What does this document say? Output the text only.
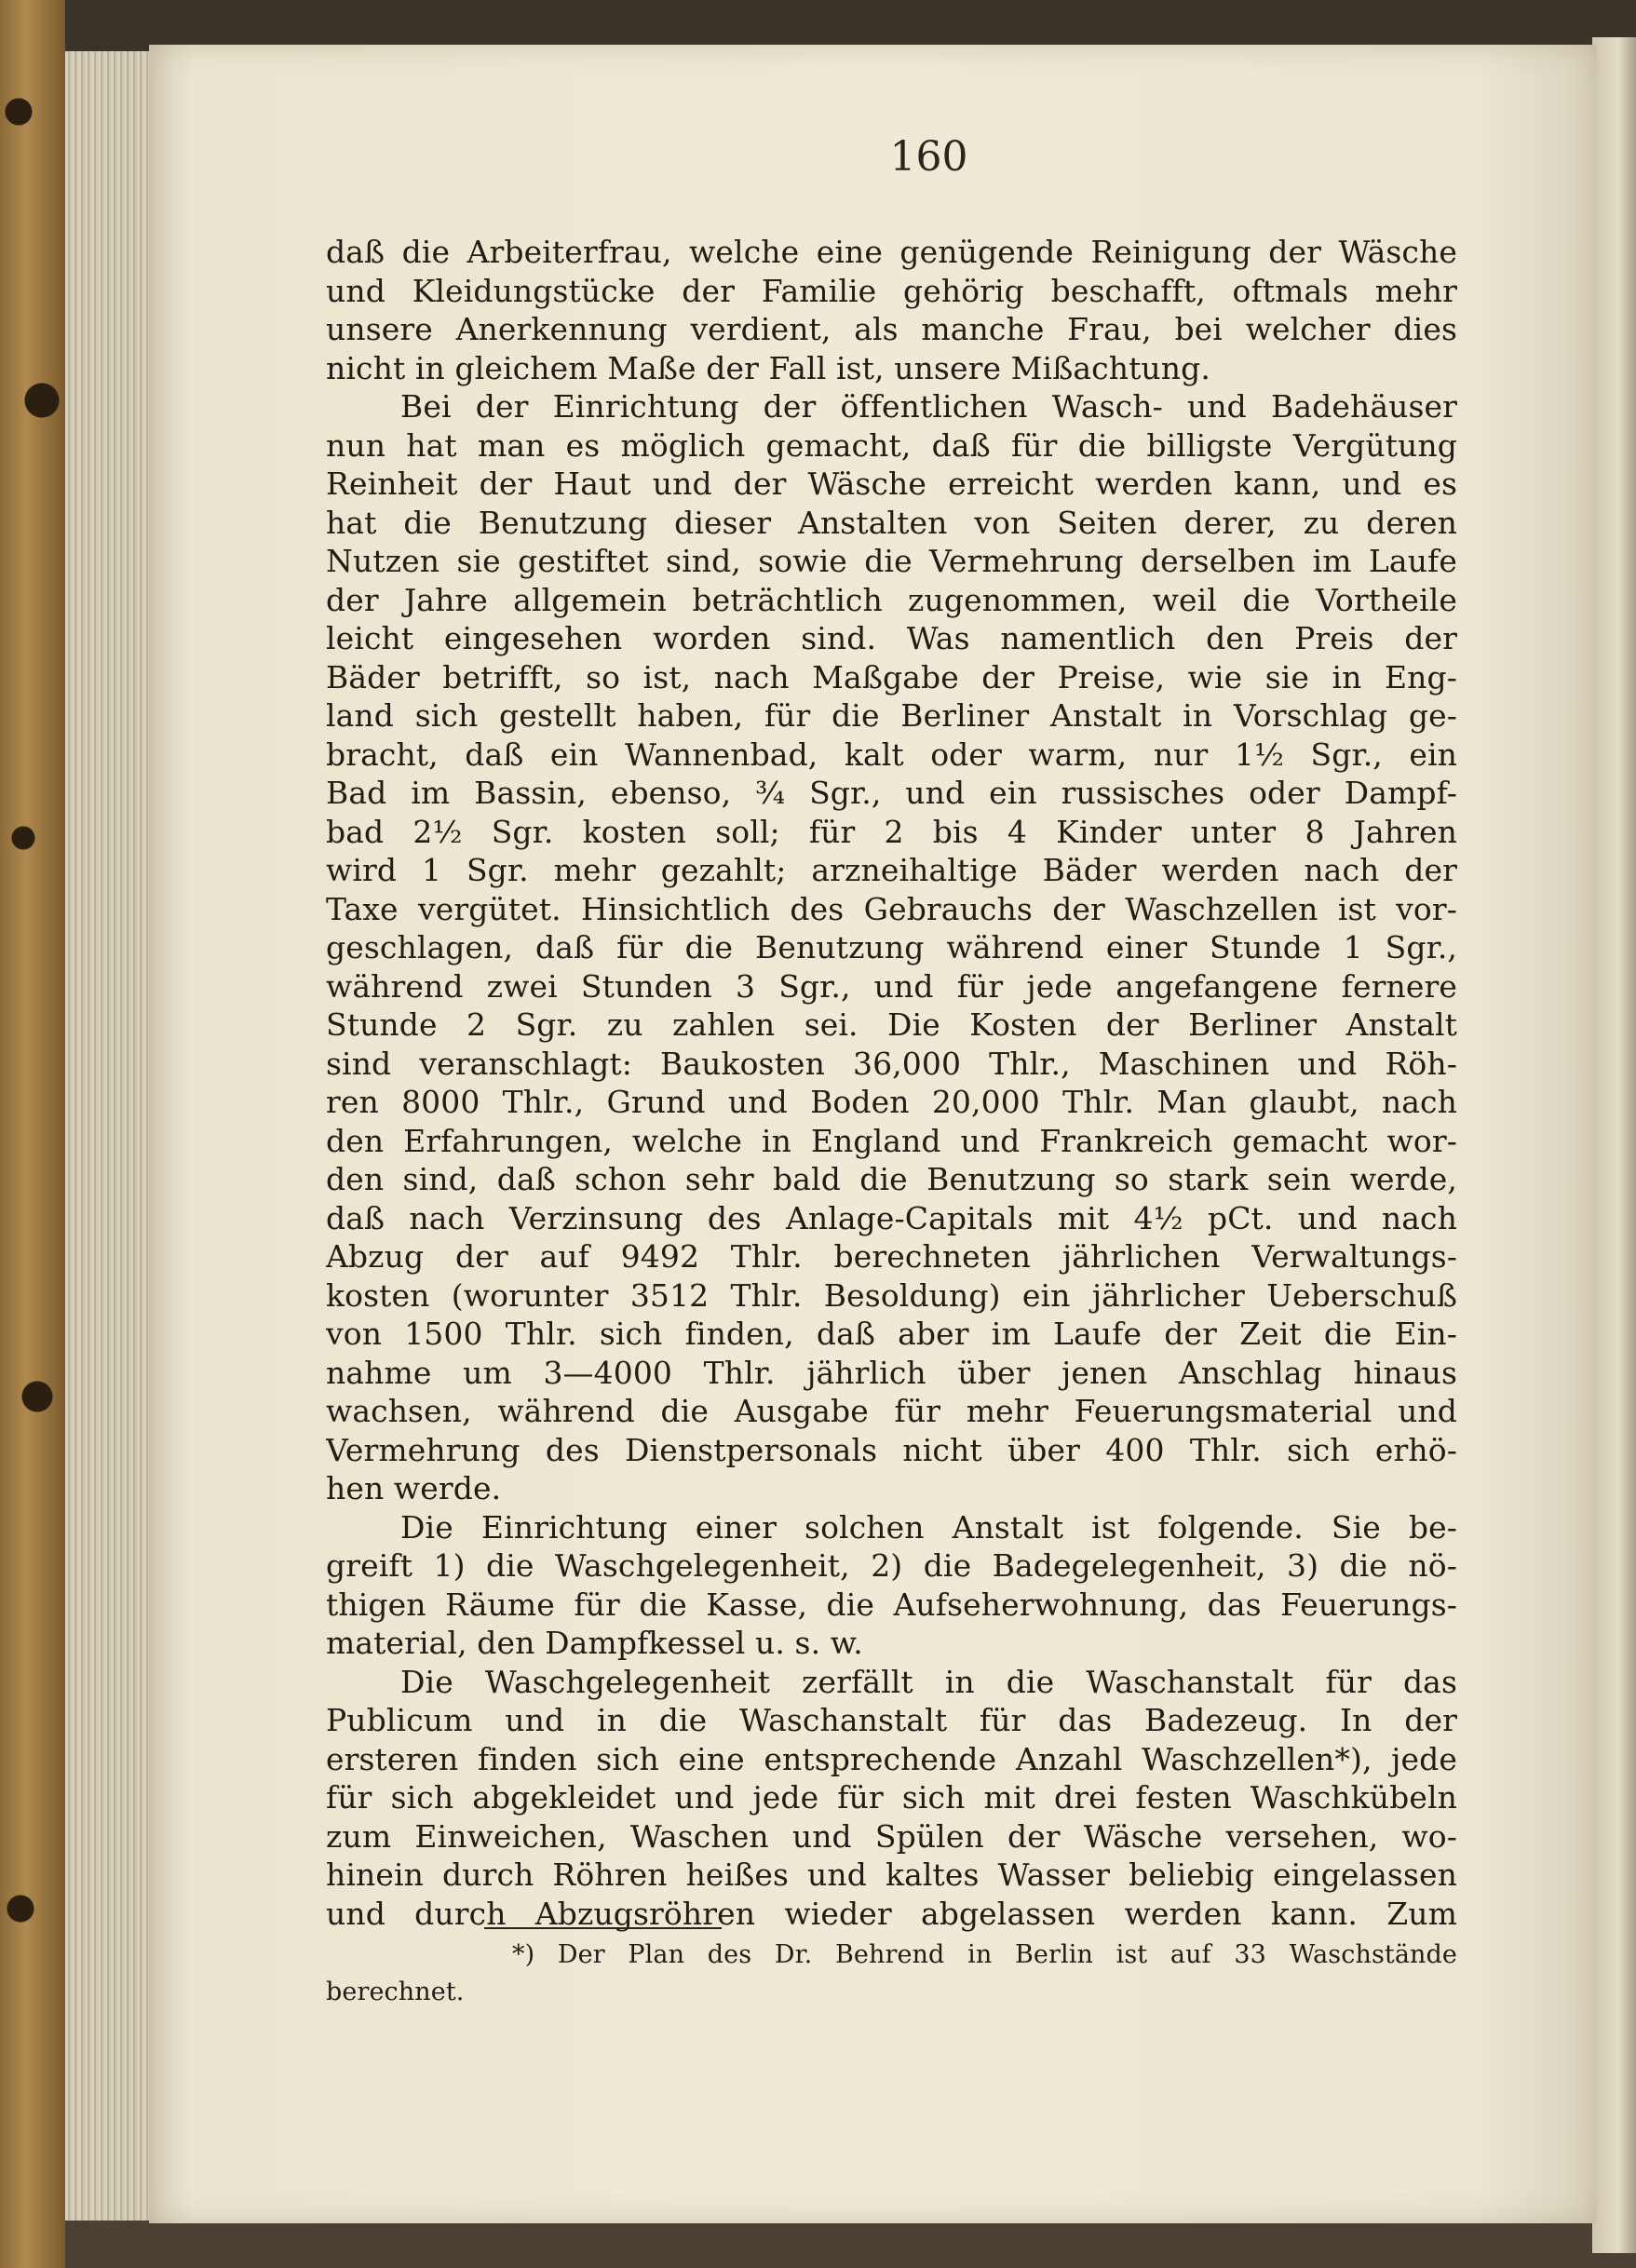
160
daß die Arbeiterfrau, welche eine genügende Reinigung der Wäsche
und Kleidungstücke der Familie gehörig beschafft, oftmals mehr
unsere Anerkennung verdient, als manche Frau, bei welcher dies
nicht in gleichem Maße der Fall ist, unsere Mißachtung.
Bei der Einrichtung der öffentlichen Wasch- und Badehäuser
nun hat man es möglich gemacht, daß für die billigste Vergütung
Reinheit der Haut und der Wäsche erreicht werden kann, und es
hat die Benutzung dieser Anstalten von Seiten derer, zu deren
Nutzen sie gestiftet sind, sowie die Vermehrung derselben im Laufe
der Jahre allgemein beträchtlich zugenommen, weil die Vortheile
leicht eingesehen worden sind. Was namentlich den Preis der
Bäder betrifft, so ist, nach Maßgabe der Preise, wie sie in Eng-
land sich gestellt haben, für die Berliner Anstalt in Vorschlag ge-
bracht, daß ein Wannenbad, kalt oder warm, nur 1½ Sgr., ein
Bad im Bassin, ebenso, ¾ Sgr., und ein russisches oder Dampf-
bad 2½ Sgr. kosten soll; für 2 bis 4 Kinder unter 8 Jahren
wird 1 Sgr. mehr gezahlt; arzneihaltige Bäder werden nach der
Taxe vergütet. Hinsichtlich des Gebrauchs der Waschzellen ist vor-
geschlagen, daß für die Benutzung während einer Stunde 1 Sgr.,
während zwei Stunden 3 Sgr., und für jede angefangene fernere
Stunde 2 Sgr. zu zahlen sei. Die Kosten der Berliner Anstalt
sind veranschlagt: Baukosten 36,000 Thlr., Maschinen und Röh-
ren 8000 Thlr., Grund und Boden 20,000 Thlr. Man glaubt, nach
den Erfahrungen, welche in England und Frankreich gemacht wor-
den sind, daß schon sehr bald die Benutzung so stark sein werde,
daß nach Verzinsung des Anlage-Capitals mit 4½ pCt. und nach
Abzug der auf 9492 Thlr. berechneten jährlichen Verwaltungs-
kosten (worunter 3512 Thlr. Besoldung) ein jährlicher Ueberschuß
von 1500 Thlr. sich finden, daß aber im Laufe der Zeit die Ein-
nahme um 3—4000 Thlr. jährlich über jenen Anschlag hinaus
wachsen, während die Ausgabe für mehr Feuerungsmaterial und
Vermehrung des Dienstpersonals nicht über 400 Thlr. sich erhö-
hen werde.
Die Einrichtung einer solchen Anstalt ist folgende. Sie be-
greift 1) die Waschgelegenheit, 2) die Badegelegenheit, 3) die nö-
thigen Räume für die Kasse, die Aufseherwohnung, das Feuerungs-
material, den Dampfkessel u. s. w.
Die Waschgelegenheit zerfällt in die Waschanstalt für das
Publicum und in die Waschanstalt für das Badezeug. In der
ersteren finden sich eine entsprechende Anzahl Waschzellen*), jede
für sich abgekleidet und jede für sich mit drei festen Waschkübeln
zum Einweichen, Waschen und Spülen der Wäsche versehen, wo-
hinein durch Röhren heißes und kaltes Wasser beliebig eingelassen
und durch Abzugsröhren wieder abgelassen werden kann. Zum
*) Der Plan des Dr. Behrend in Berlin ist auf 33 Waschstände
berechnet.
